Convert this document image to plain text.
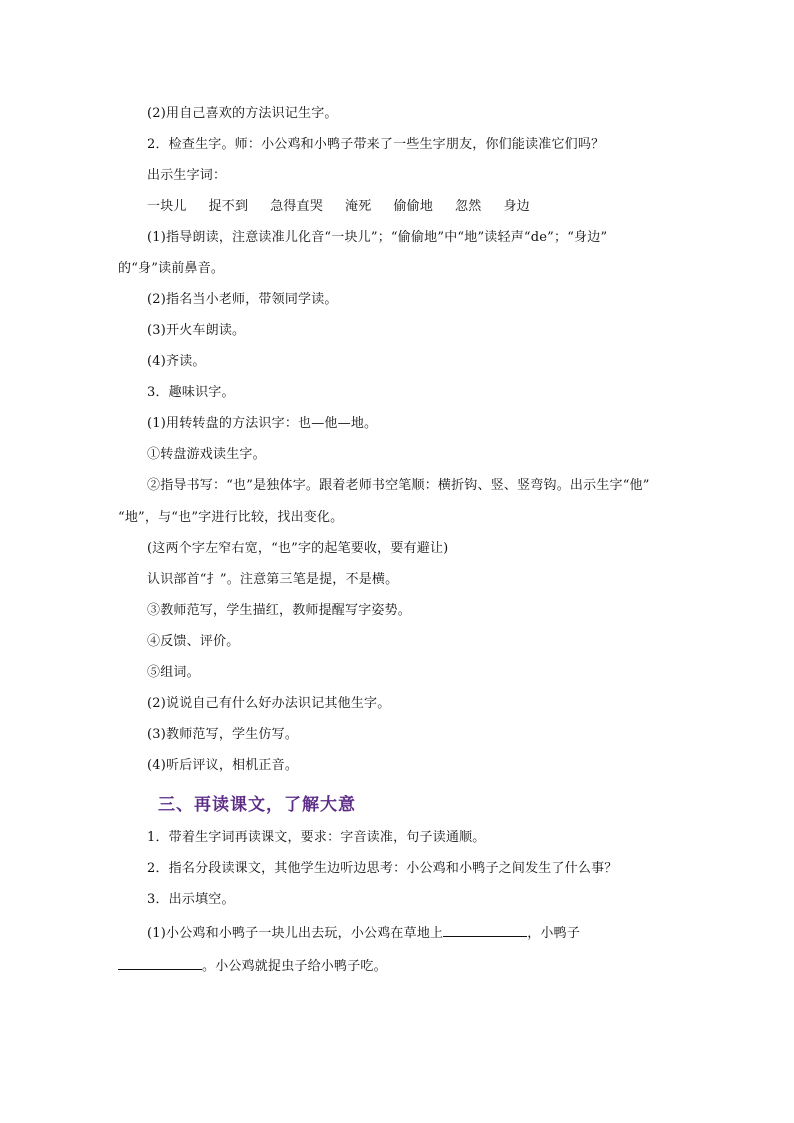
(2)用自己喜欢的方法识记生字。
2．检查生字。师：小公鸡和小鸭子带来了一些生字朋友，你们能读准它们吗？
出示生字词：
一块儿 捉不到 急得直哭 淹死 偷偷地 忽然 身边
(1)指导朗读，注意读准儿化音“一块儿”；“偷偷地”中“地”读轻声“de”；“身边”
的“身”读前鼻音。
(2)指名当小老师，带领同学读。
(3)开火车朗读。
(4)齐读。
3．趣味识字。
(1)用转转盘的方法识字：也—他—地。
①转盘游戏读生字。
②指导书写：“也”是独体字。跟着老师书空笔顺：横折钩、竖、竖弯钩。出示生字“他”
“地”，与“也”字进行比较，找出变化。
(这两个字左窄右宽，“也”字的起笔要收，要有避让)
认识部首“扌”。注意第三笔是提，不是横。
③教师范写，学生描红，教师提醒写字姿势。
④反馈、评价。
⑤组词。
(2)说说自己有什么好办法识记其他生字。
(3)教师范写，学生仿写。
(4)听后评议，相机正音。
三、再读课文，了解大意
1．带着生字词再读课文，要求：字音读准，句子读通顺。
2．指名分段读课文，其他学生边听边思考：小公鸡和小鸭子之间发生了什么事？
3．出示填空。
(1)小公鸡和小鸭子一块儿出去玩，小公鸡在草地上	，小鸭子
。小公鸡就捉虫子给小鸭子吃。
